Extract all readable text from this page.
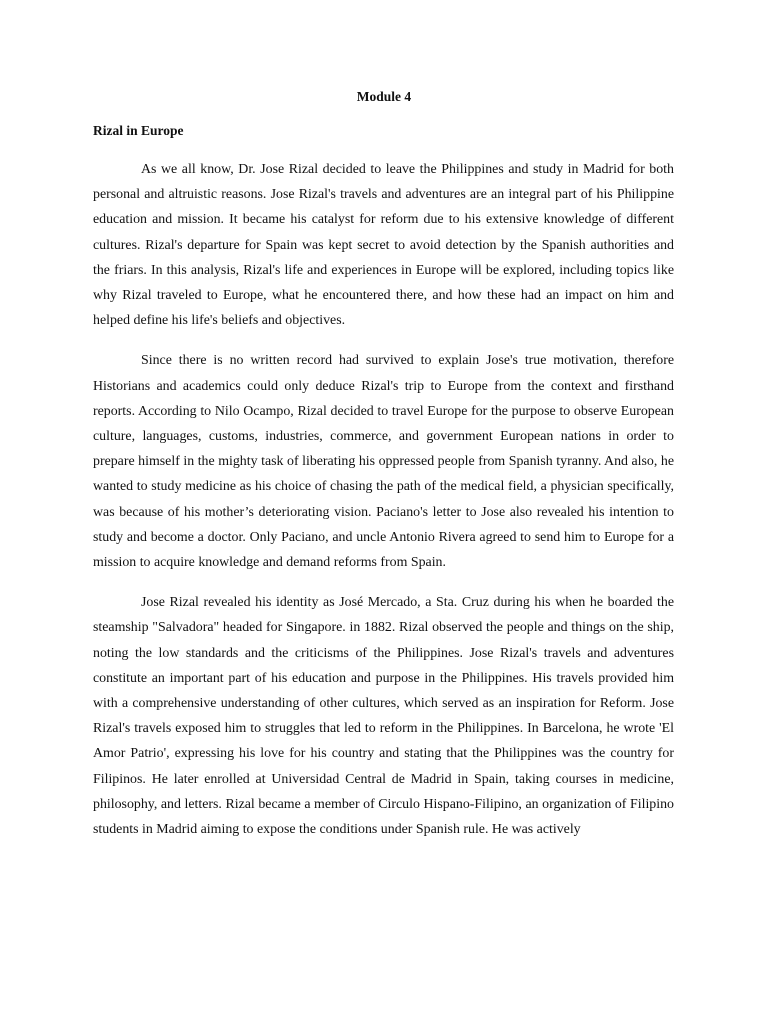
Module 4
Rizal in Europe

As we all know, Dr. Jose Rizal decided to leave the Philippines and study in Madrid for both personal and altruistic reasons. Jose Rizal's travels and adventures are an integral part of his Philippine education and mission. It became his catalyst for reform due to his extensive knowledge of different cultures. Rizal's departure for Spain was kept secret to avoid detection by the Spanish authorities and the friars. In this analysis, Rizal's life and experiences in Europe will be explored, including topics like why Rizal traveled to Europe, what he encountered there, and how these had an impact on him and helped define his life's beliefs and objectives.

Since there is no written record had survived to explain Jose's true motivation, therefore Historians and academics could only deduce Rizal's trip to Europe from the context and firsthand reports. According to Nilo Ocampo, Rizal decided to travel Europe for the purpose to observe European culture, languages, customs, industries, commerce, and government European nations in order to prepare himself in the mighty task of liberating his oppressed people from Spanish tyranny. And also, he wanted to study medicine as his choice of chasing the path of the medical field, a physician specifically, was because of his mother’s deteriorating vision. Paciano's letter to Jose also revealed his intention to study and become a doctor. Only Paciano, and uncle Antonio Rivera agreed to send him to Europe for a mission to acquire knowledge and demand reforms from Spain.

Jose Rizal revealed his identity as José Mercado, a Sta. Cruz during his when he boarded the steamship "Salvadora" headed for Singapore. in 1882. Rizal observed the people and things on the ship, noting the low standards and the criticisms of the Philippines. Jose Rizal's travels and adventures constitute an important part of his education and purpose in the Philippines. His travels provided him with a comprehensive understanding of other cultures, which served as an inspiration for Reform. Jose Rizal's travels exposed him to struggles that led to reform in the Philippines. In Barcelona, he wrote 'El Amor Patrio', expressing his love for his country and stating that the Philippines was the country for Filipinos. He later enrolled at Universidad Central de Madrid in Spain, taking courses in medicine, philosophy, and letters. Rizal became a member of Circulo Hispano-Filipino, an organization of Filipino students in Madrid aiming to expose the conditions under Spanish rule. He was actively
